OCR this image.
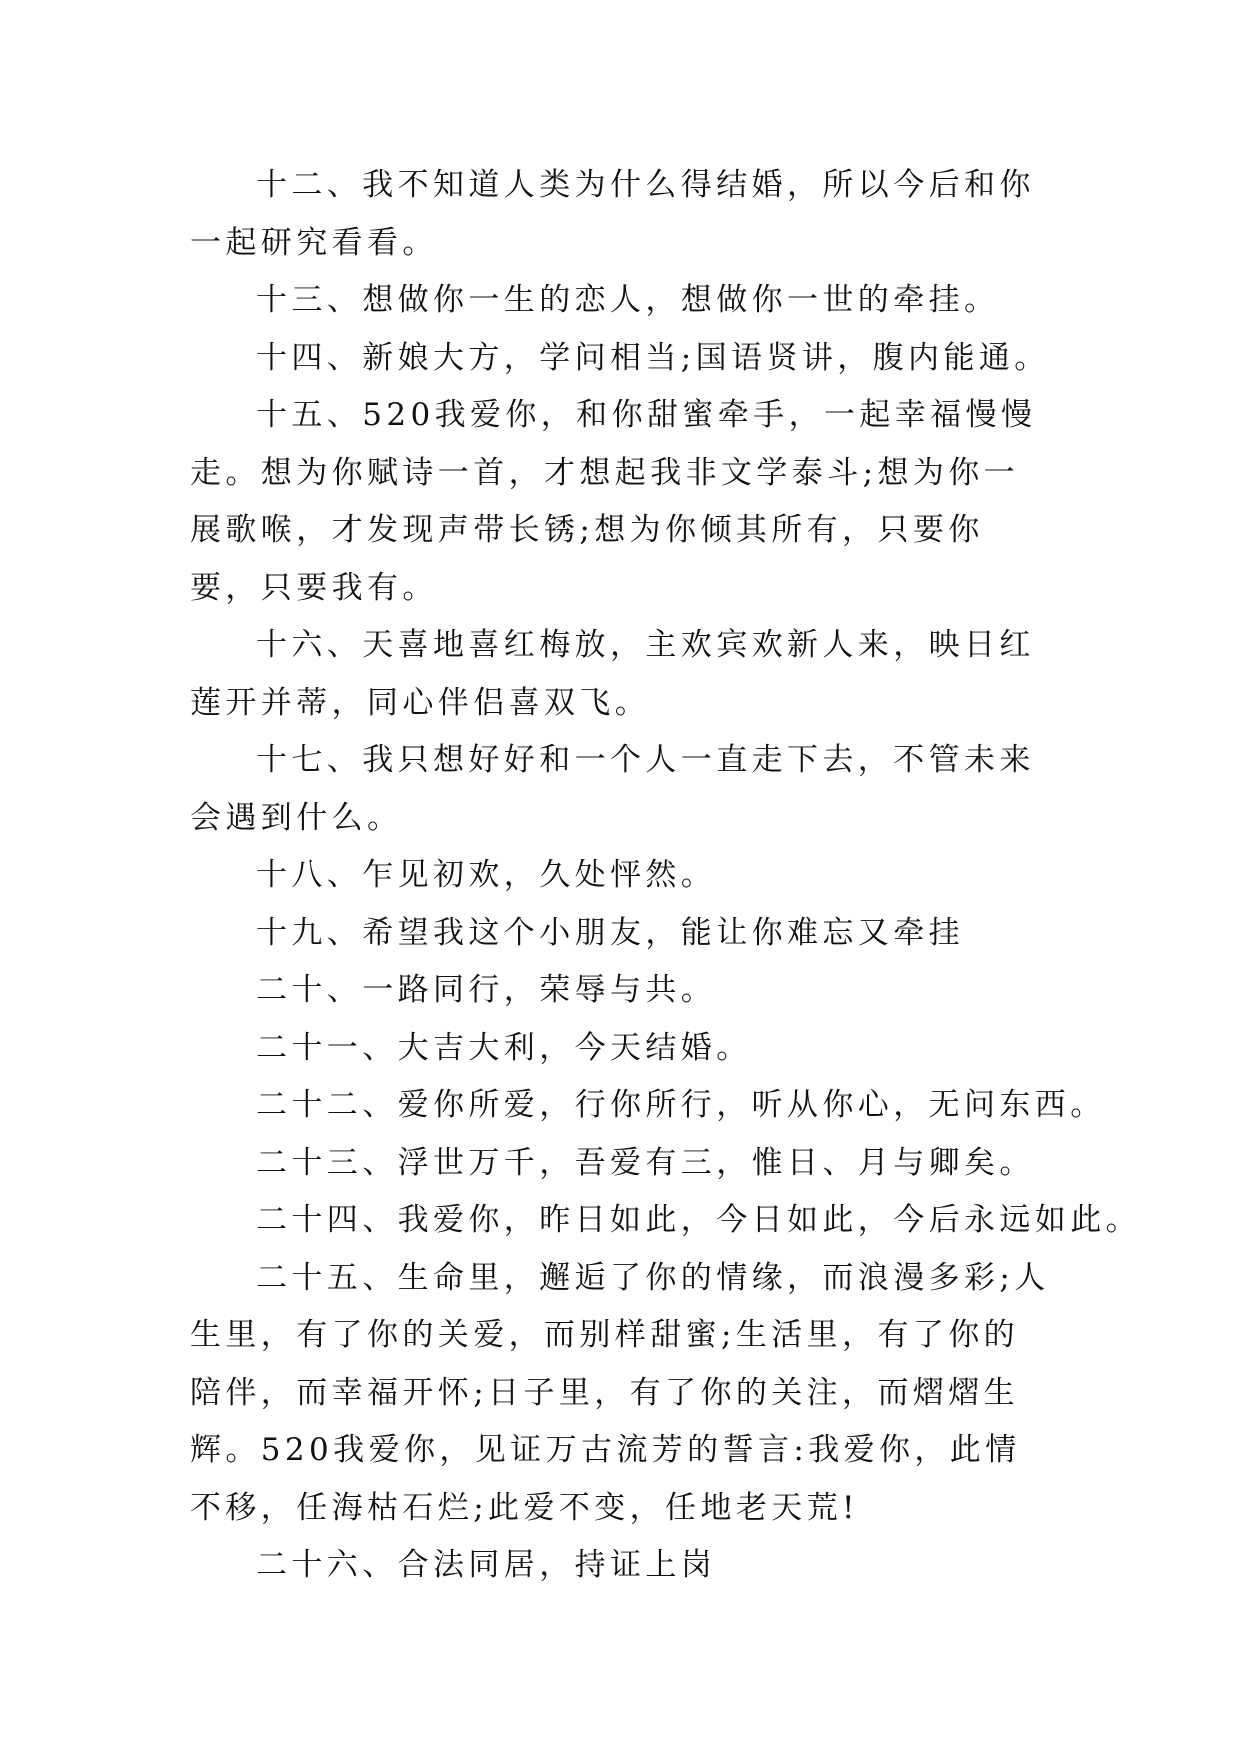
十二、我不知道人类为什么得结婚，所以今后和你一起研究看看。

十三、想做你一生的恋人，想做你一世的牵挂。

十四、新娘大方，学问相当;国语贤讲，腹内能通。

十五、520我爱你，和你甜蜜牵手，一起幸福慢慢走。想为你赋诗一首，才想起我非文学泰斗;想为你一展歌喉，才发现声带长锈;想为你倾其所有，只要你要，只要我有。

十六、天喜地喜红梅放，主欢宾欢新人来，映日红莲开并蒂，同心伴侣喜双飞。

十七、我只想好好和一个人一直走下去，不管未来会遇到什么。

十八、乍见初欢，久处怦然。

十九、希望我这个小朋友，能让你难忘又牵挂

二十、一路同行，荣辱与共。

二十一、大吉大利，今天结婚。

二十二、爱你所爱，行你所行，听从你心，无问东西。

二十三、浮世万千，吾爱有三，惟日、月与卿矣。

二十四、我爱你，昨日如此，今日如此，今后永远如此。

二十五、生命里，邂逅了你的情缘，而浪漫多彩;人生里，有了你的关爱，而别样甜蜜;生活里，有了你的陪伴，而幸福开怀;日子里，有了你的关注，而熠熠生辉。520我爱你，见证万古流芳的誓言:我爱你，此情不移，任海枯石烂;此爱不变，任地老天荒!

二十六、合法同居，持证上岗
